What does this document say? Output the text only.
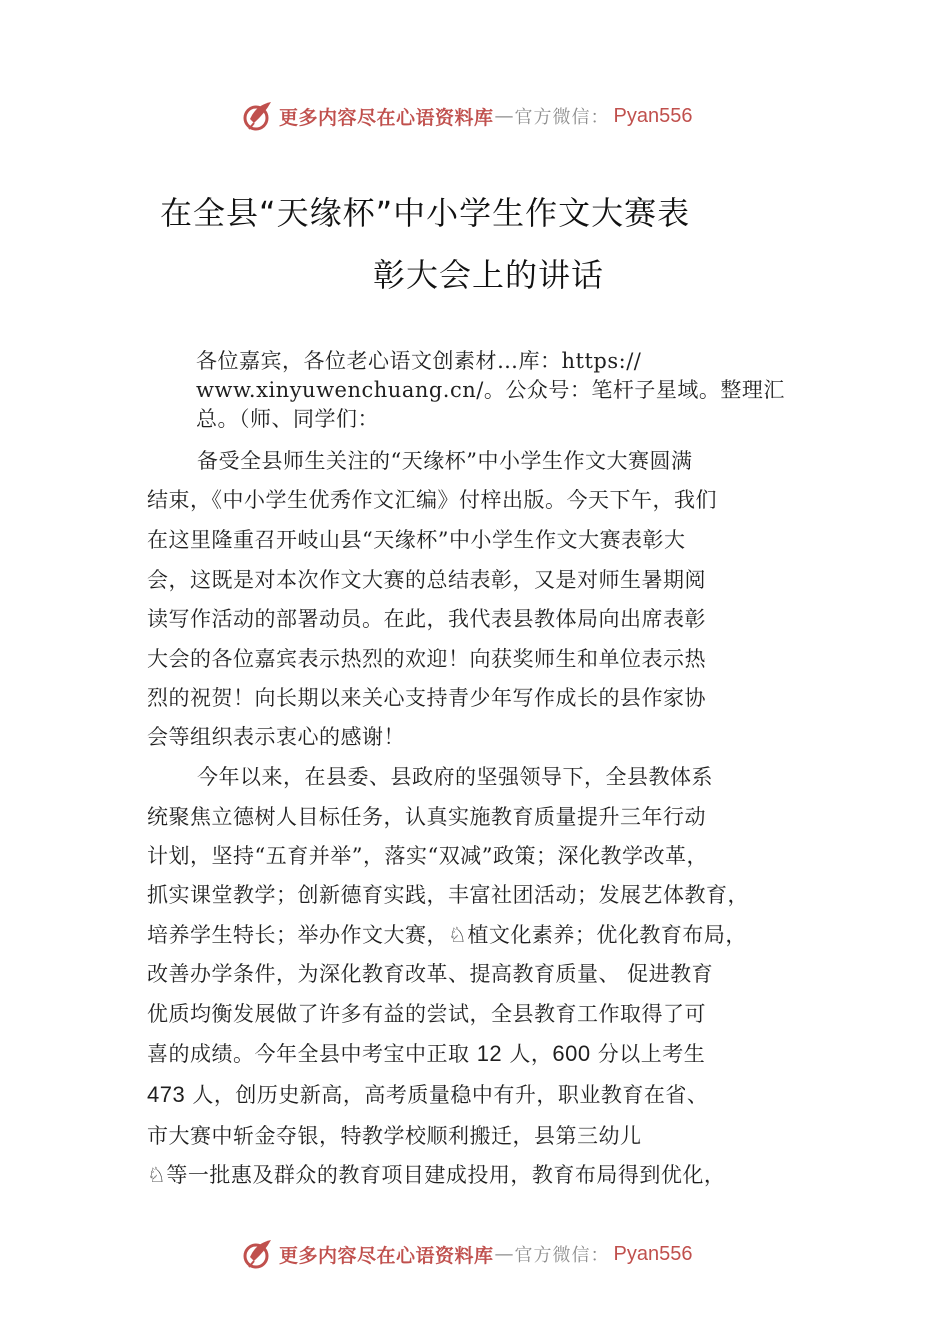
更多内容尽在心语资料库 — 官方微信： Pyan556
在全县“天缘杯”中小学生作文大赛表
彰大会上的讲话
各位嘉宾，各位老心语文创素材…库：https://
www.xinyuwenchuang.cn/。公众号：笔杆子星域。整理汇
总。（师、同学们：
备受全县师生关注的“天缘杯”中小学生作文大赛圆满
结束，《中小学生优秀作文汇编》付梓出版。今天下午，我们
在这里隆重召开岐山县“天缘杯”中小学生作文大赛表彰大
会，这既是对本次作文大赛的总结表彰，又是对师生暑期阅
读写作活动的部署动员。在此，我代表县教体局向出席表彰
大会的各位嘉宾表示热烈的欢迎！向获奖师生和单位表示热
烈的祝贺！向长期以来关心支持青少年写作成长的县作家协
会等组织表示衷心的感谢！
今年以来，在县委、县政府的坚强领导下，全县教体系
统聚焦立德树人目标任务，认真实施教育质量提升三年行动
计划，坚持“五育并举”，落实“双减”政策；深化教学改革，
抓实课堂教学；创新德育实践，丰富社团活动；发展艺体教育，
培养学生特长；举办作文大赛，♘植文化素养；优化教育布局，
改善办学条件，为深化教育改革、提高教育质量、 促进教育
优质均衡发展做了许多有益的尝试，全县教育工作取得了可
喜的成绩。今年全县中考宝中正取 12 人，600 分以上考生
473 人，创历史新高，高考质量稳中有升，职业教育在省、
市大赛中斩金夺银，特教学校顺利搬迁，县第三幼儿
♘等一批惠及群众的教育项目建成投用，教育布局得到优化，
更多内容尽在心语资料库 — 官方微信： Pyan556
